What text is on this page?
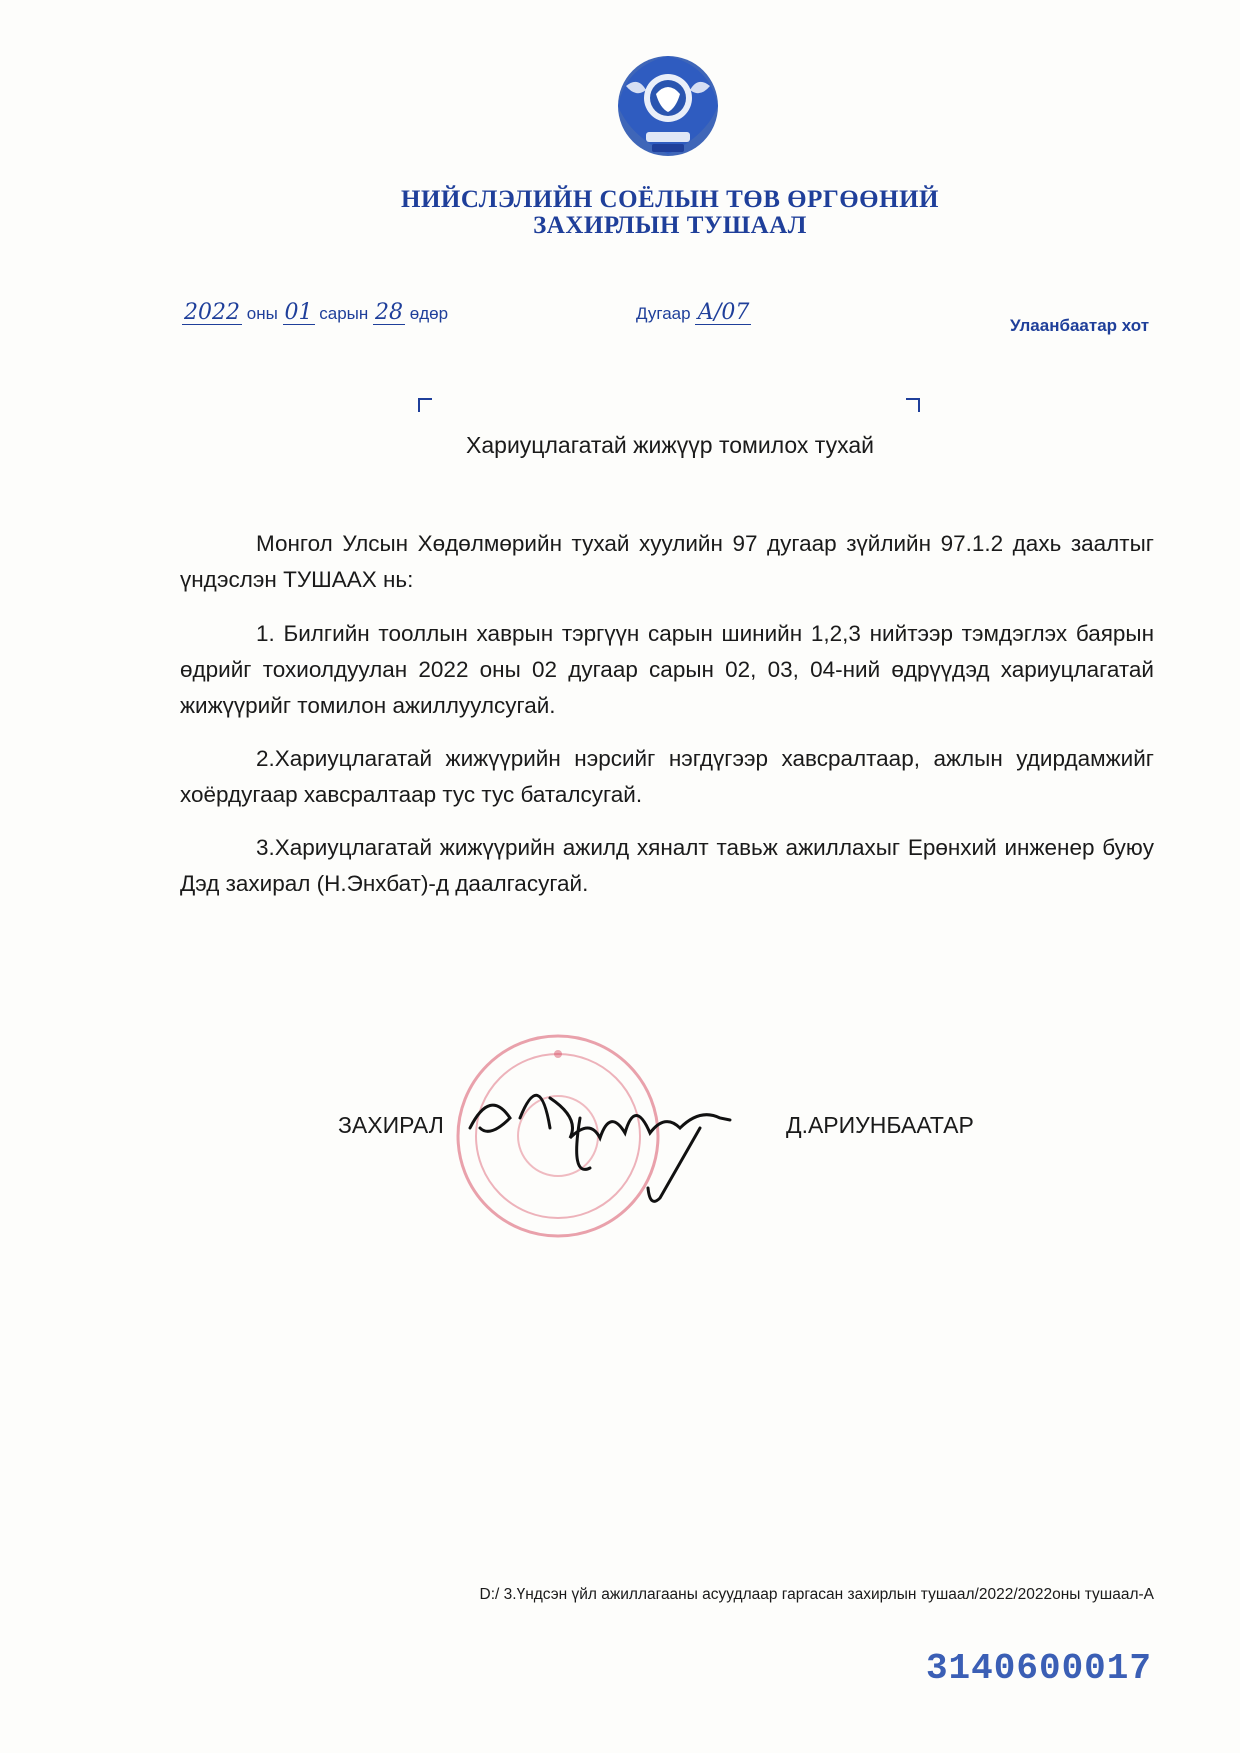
НИЙСЛЭЛИЙН СОЁЛЫН ТӨВ ӨРГӨӨНИЙ
ЗАХИРЛЫН ТУШААЛ
2022 оны 01 сарын 28 өдөр	Дугаар А/07
Улаанбаатар хот
Хариуцлагатай жижүүр томилох тухай
Монгол Улсын Хөдөлмөрийн тухай хуулийн 97 дугаар зүйлийн 97.1.2 дахь заалтыг үндэслэн ТУШААХ нь:
1. Билгийн тооллын хаврын тэргүүн сарын шинийн 1,2,3 нийтээр тэмдэглэх баярын өдрийг тохиолдуулан 2022 оны 02 дугаар сарын 02, 03, 04-ний өдрүүдэд хариуцлагатай жижүүрийг томилон ажиллуулсугай.
2.Хариуцлагатай жижүүрийн нэрсийг нэгдүгээр хавсралтаар, ажлын удирдамжийг хоёрдугаар хавсралтаар тус тус баталсугай.
3.Хариуцлагатай жижүүрийн ажилд хяналт тавьж ажиллахыг Ерөнхий инженер буюу Дэд захирал (Н.Энхбат)-д даалгасугай.
ЗАХИРАЛ	Д.АРИУНБААТАР
D:/ 3.Үндсэн үйл ажиллагааны асуудлаар гаргасан захирлын тушаал/2022/2022оны тушаал-А
3140600017
